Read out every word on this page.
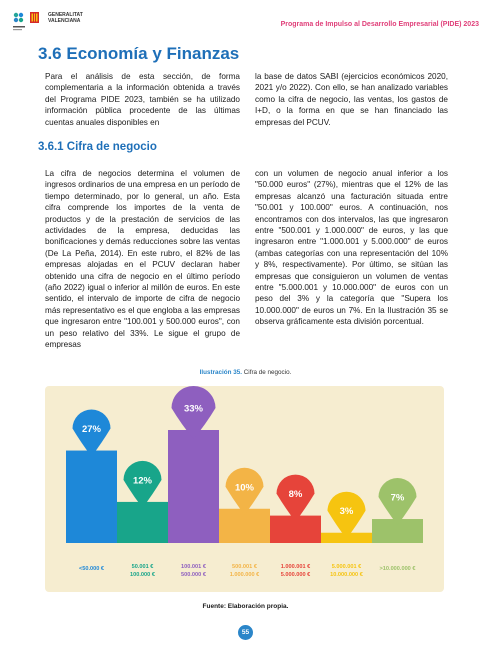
GENERALITAT
VALENCIANA	Programa de Impulso al Desarrollo Empresarial (PIDE) 2023
3.6 Economía y Finanzas
Para el análisis de esta sección, de forma complementaria a la información obtenida a través del Programa PIDE 2023, también se ha utilizado información pública procedente de las últimas cuentas anuales disponibles en
la base de datos SABI (ejercicios económicos 2020, 2021 y/o 2022). Con ello, se han analizado variables como la cifra de negocio, las ventas, los gastos de I+D, o la forma en que se han financiado las empresas del PCUV.
3.6.1 Cifra de negocio
La cifra de negocios determina el volumen de ingresos ordinarios de una empresa en un período de tiempo determinado, por lo general, un año. Esta cifra comprende los importes de la venta de productos y de la prestación de servicios de las actividades de la empresa, deducidas las bonificaciones y demás reducciones sobre las ventas (De La Peña, 2014). En este rubro, el 82% de las empresas alojadas en el PCUV declaran haber obtenido una cifra de negocio en el último período (año 2022) igual o inferior al millón de euros. En este sentido, el intervalo de importe de cifra de negocio más representativo es el que engloba a las empresas que ingresaron entre "100.001 y 500.000 euros", con un peso relativo del 33%. Le sigue el grupo de empresas
con un volumen de negocio anual inferior a los "50.000 euros" (27%), mientras que el 12% de las empresas alcanzó una facturación situada entre "50.001 y 100.000" euros. A continuación, nos encontramos con dos intervalos, las que ingresaron entre "500.001 y 1.000.000" de euros, y las que ingresaron entre "1.000.001 y 5.000.000" de euros (ambas categorías con una representación del 10% y 8%, respectivamente). Por último, se sitúan las empresas que consiguieron un volumen de ventas entre "5.000.001 y 10.000.000" de euros con un peso del 3% y la categoría que "Supera los 10.000.000" de euros un 7%. En la Ilustración 35 se observa gráficamente esta división porcentual.
Ilustración 35. Cifra de negocio.
27%
<50.000 €
12%
50.001 €
100.000 €
33%
100.001 €
500.000 €
10%
500.001 €
1.000.000 €
8%
1.000.001 €
5.000.000 €
3%
5.000.001 €
10.000.000 €
7%
>10.000.000 €
Fuente: Elaboración propia.
55
